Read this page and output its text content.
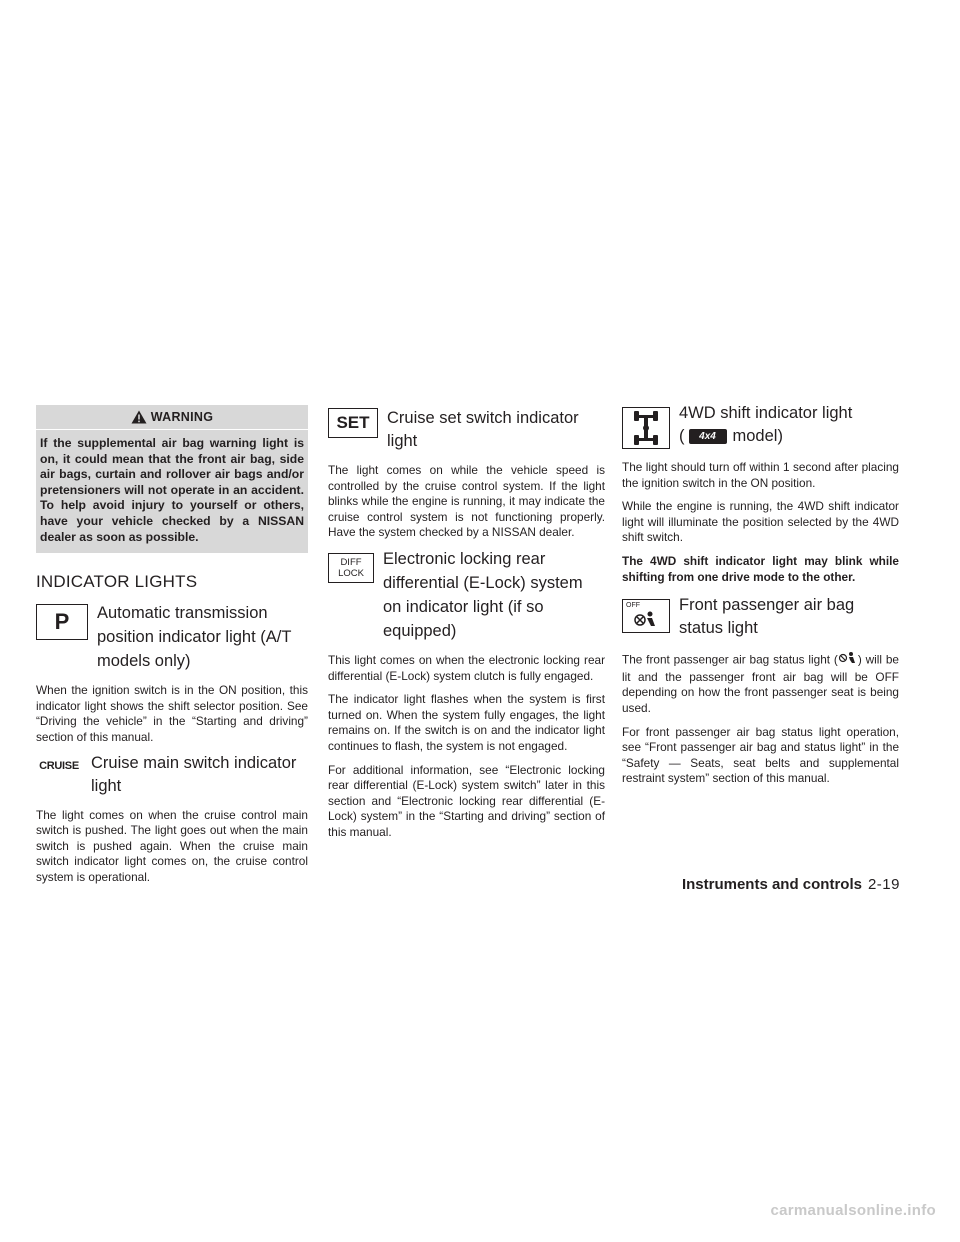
WARNING
If the supplemental air bag warning light is on, it could mean that the front air bag, side air bags, curtain and rollover air bags and/or pretensioners will not operate in an accident. To help avoid injury to yourself or others, have your vehicle checked by a NISSAN dealer as soon as possible.
INDICATOR LIGHTS
P Automatic transmission position indicator light (A/T models only)

When the ignition switch is in the ON position, this indicator light shows the shift selector position. See “Driving the vehicle” in the “Starting and driving” section of this manual.

CRUISE Cruise main switch indicator light

The light comes on when the cruise control main switch is pushed. The light goes out when the main switch is pushed again. When the cruise main switch indicator light comes on, the cruise control system is operational.

SET Cruise set switch indicator light

The light comes on while the vehicle speed is controlled by the cruise control system. If the light blinks while the engine is running, it may indicate the cruise control system is not functioning properly. Have the system checked by a NISSAN dealer.

DIFF
LOCK
Electronic locking rear differential (E-Lock) system on indicator light (if so equipped)

This light comes on when the electronic locking rear differential (E-Lock) system clutch is fully engaged.

The indicator light flashes when the system is first turned on. When the system fully engages, the light remains on. If the switch is on and the indicator light continues to flash, the system is not engaged.

For additional information, see “Electronic locking rear differential (E-Lock) system switch” later in this section and “Electronic locking rear differential (E-Lock) system” in the “Starting and driving” section of this manual.

4WD shift indicator light
(	4x4	model)

The light should turn off within 1 second after placing the ignition switch in the ON position.

While the engine is running, the 4WD shift indicator light will illuminate the position selected by the 4WD shift switch.

The 4WD shift indicator light may blink while shifting from one drive mode to the other.

OFF Front passenger air bag status light

The front passenger air bag status light ( ) will be lit and the passenger front air bag will be OFF depending on how the front passenger seat is being used.

For front passenger air bag status light operation, see “Front passenger air bag and status light” in the “Safety — Seats, seat belts and supplemental restraint system” section of this manual.

Instruments and controls 2-19
carmanualsonline.info
